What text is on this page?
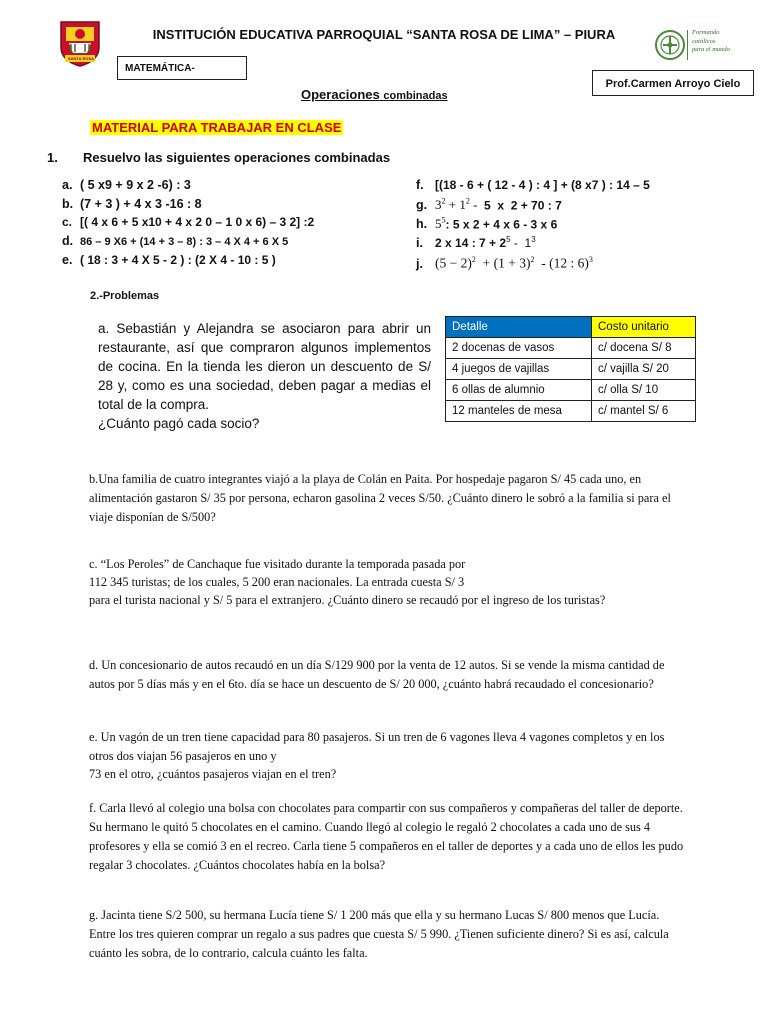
SANTA ROSA
INSTITUCIÓN EDUCATIVA PARROQUIAL “SANTA ROSA DE LIMA” – PIURA
MATEMÁTICA-
Formando
católicos
para el mundo
Prof.Carmen Arroyo Cielo
Operaciones combinadas
MATERIAL PARA TRABAJAR EN CLASE
1. Resuelvo las siguientes operaciones combinadas
a. ( 5 x9 + 9 x 2 -6) : 3
b. (7 + 3 ) + 4 x 3 -16 : 8
c. [( 4 x 6 + 5 x10 + 4 x 2 0 – 1 0 x 6) – 3 2] :2
d. 86 – 9 X6 + (14 + 3 – 8) : 3 – 4 X 4 + 6 X 5
e. ( 18 : 3 + 4 X 5 - 2 ) : (2 X 4 - 10 : 5 )
f. [(18 - 6 + ( 12 - 4 ) : 4 ] + (8 x7 ) : 14 – 5
g. $3^2 + 1^2 - 5$  x  2 + 70 : 7
h. $5^5$: 5 x 2 + 4 x 6 - 3 x 6
i. 2 x 14 : $7 + 2^5 - 1^3$
j. $(5 - 2)^2 + (1 + 3)^2 - (12$ : 6)$^3$
2.-Problemas
a. Sebastián y Alejandra se asociaron para abrir un restaurante, así que compraron algunos implementos de cocina. En la tienda les dieron un descuento de S/ 28 y, como es una sociedad, deben pagar a medias el total de la compra.
¿Cuánto pagó cada socio?
Detalle	Costo unitario
2 docenas de vasos	c/ docena S/ 8
4 juegos de vajillas	c/ vajilla S/ 20
6 ollas de alumnio	c/ olla S/ 10
12 manteles de mesa	c/ mantel S/ 6
b.Una familia de cuatro integrantes viajó a la playa de Colán en Paita. Por hospedaje pagaron S/ 45 cada uno, en alimentación gastaron S/ 35 por persona, echaron gasolina 2 veces S/50. ¿Cuánto dinero le sobró a la familia si para el viaje disponían de S/500?
c. “Los Peroles” de Canchaque fue visitado durante la temporada pasada por
112 345 turistas; de los cuales, 5 200 eran nacionales. La entrada cuesta S/ 3
para el turista nacional y S/ 5 para el extranjero. ¿Cuánto dinero se recaudó por el ingreso de los turistas?
d. Un concesionario de autos recaudó en un día S/129 900 por la venta de 12 autos. Si se vende la misma cantidad de autos por 5 días más y en el 6to. día se hace un descuento de S/ 20 000, ¿cuánto habrá recaudado el concesionario?
e. Un vagón de un tren tiene capacidad para 80 pasajeros. Si un tren de 6 vagones lleva 4 vagones completos y en los otros dos viajan 56 pasajeros en uno y
73 en el otro, ¿cuántos pasajeros viajan en el tren?
f. Carla llevó al colegio una bolsa con chocolates para compartir con sus compañeros y compañeras del taller de deporte. Su hermano le quitó 5 chocolates en el camino. Cuando llegó al colegio le regaló 2 chocolates a cada uno de sus 4 profesores y ella se comió 3 en el recreo. Carla tiene 5 compañeros en el taller de deportes y a cada uno de ellos les pudo regalar 3 chocolates. ¿Cuántos chocolates había en la bolsa?
g. Jacinta tiene S/2 500, su hermana Lucía tiene S/ 1 200 más que ella y su hermano Lucas S/ 800 menos que Lucía. Entre los tres quieren comprar un regalo a sus padres que cuesta S/ 5 990. ¿Tienen suficiente dinero? Si es así, calcula cuánto les sobra, de lo contrario, calcula cuánto les falta.
